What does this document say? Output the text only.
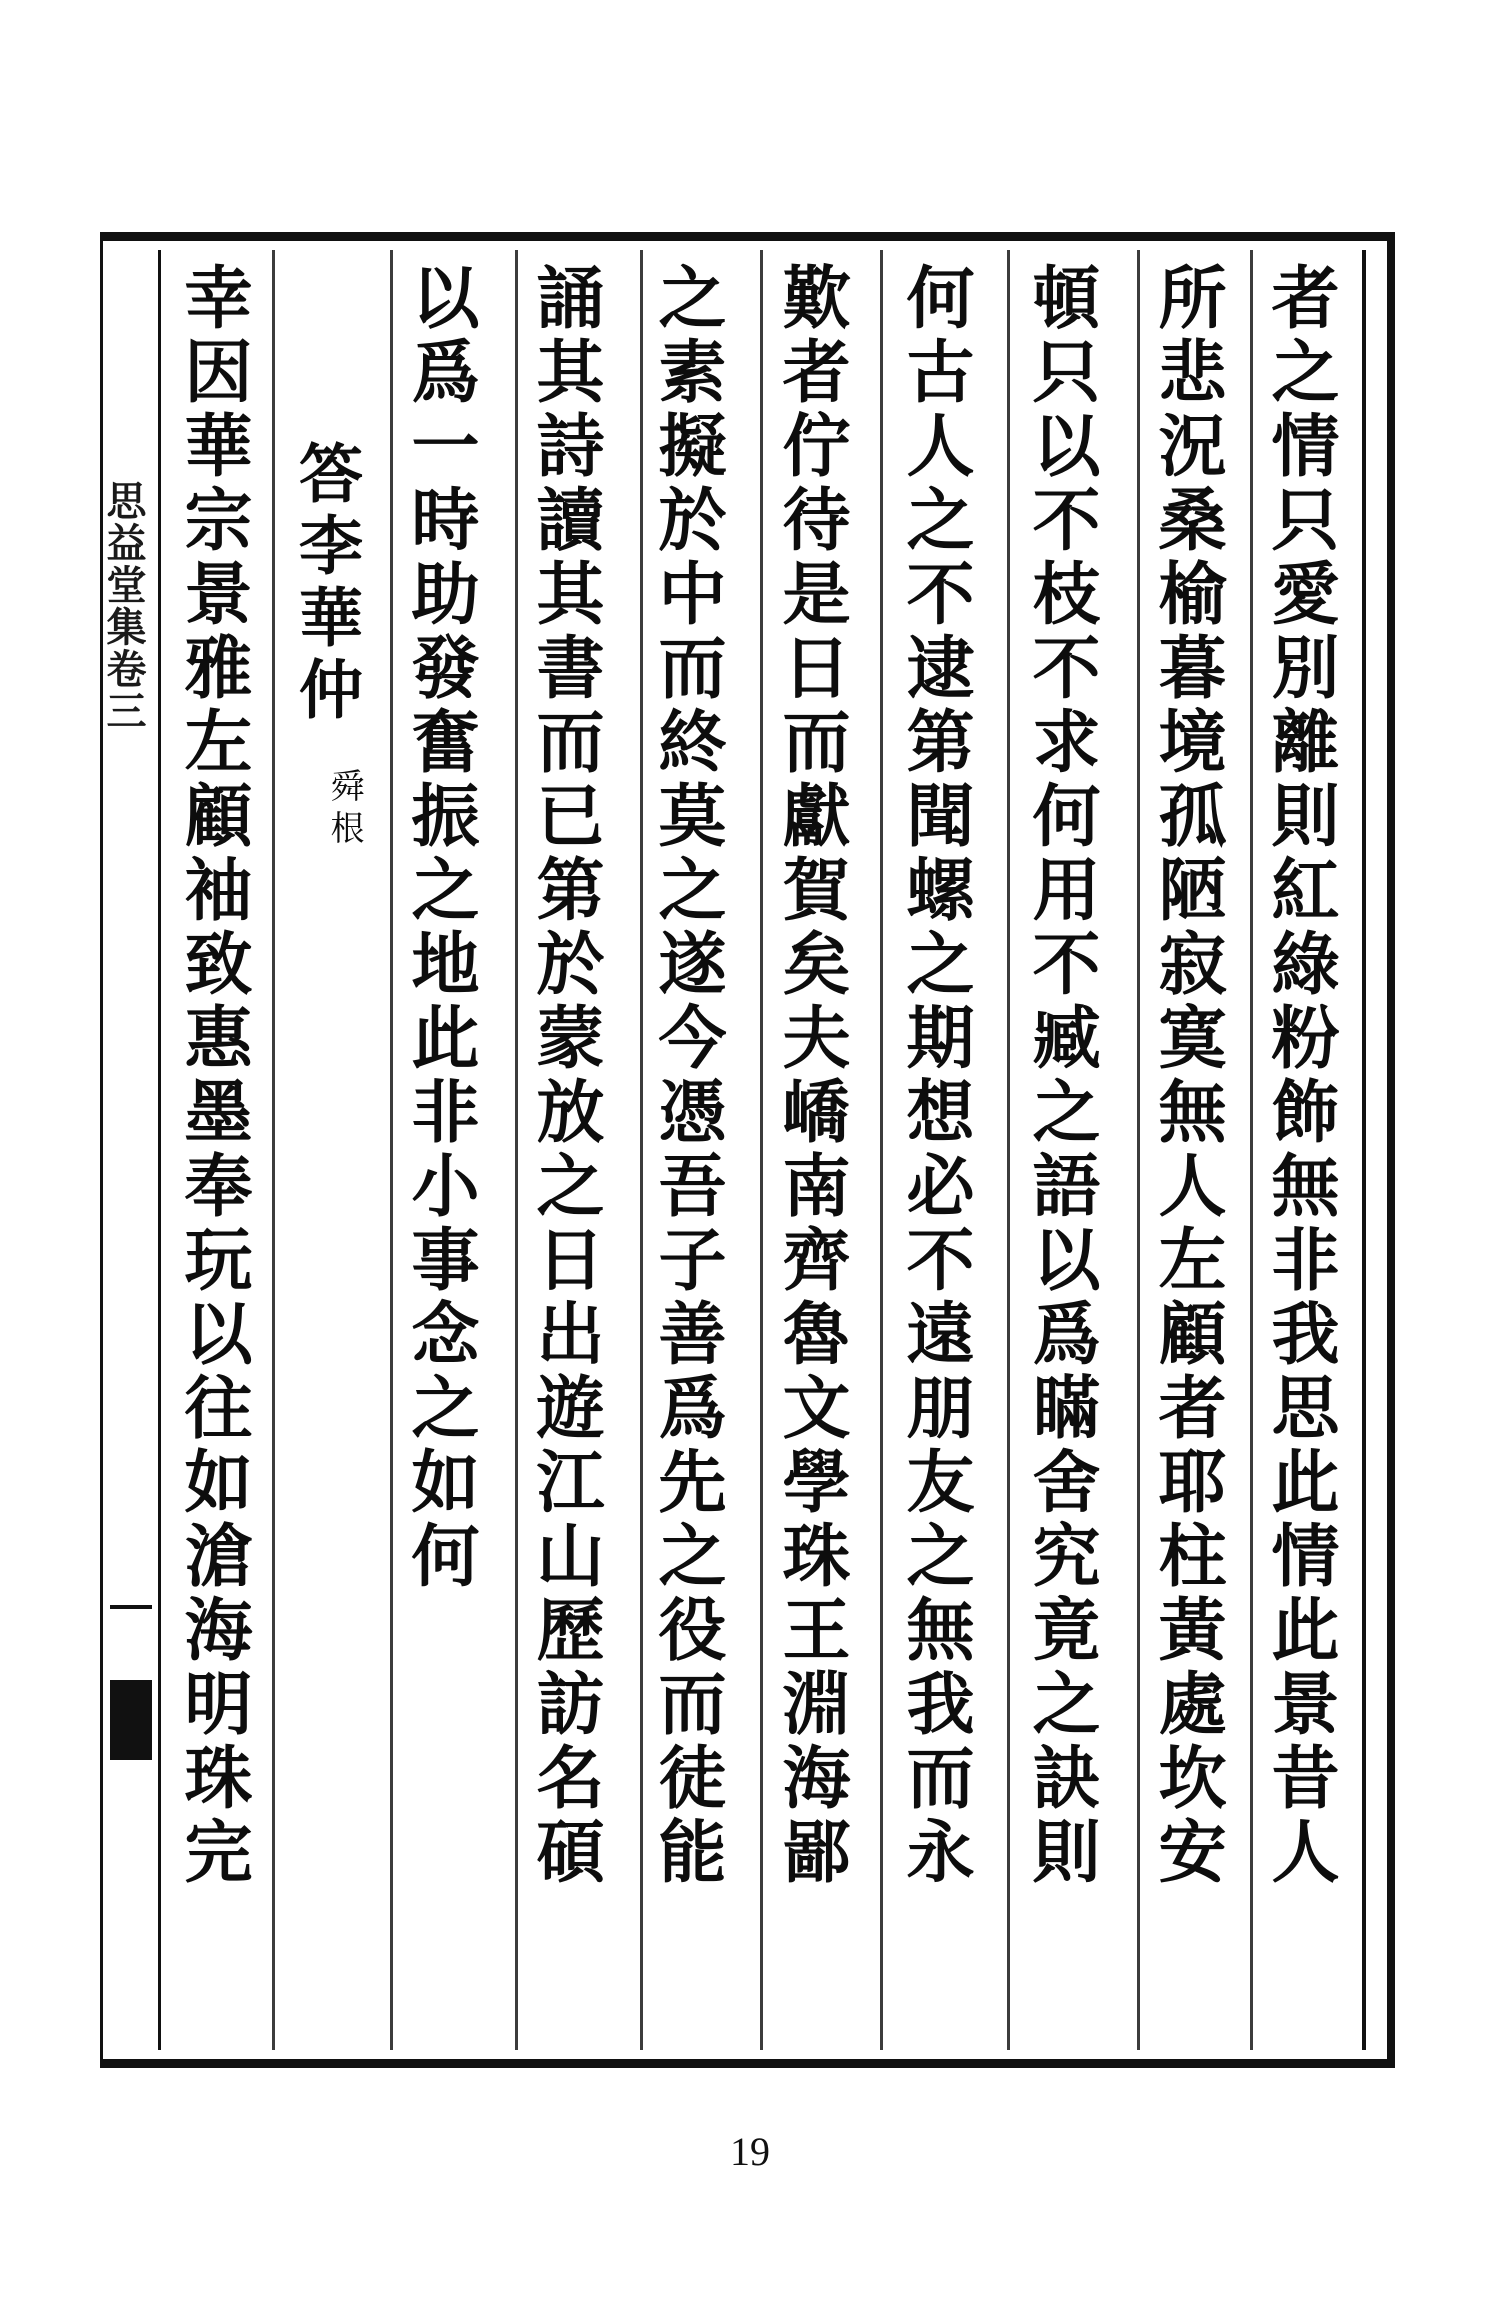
思益堂集卷三	者之情只愛別離則紅綠粉飾無非我思此情此景昔人
所悲況桑榆暮境孤陋寂寞無人左顧者耶柱黃處坎安
頓只以不枝不求何用不臧之語以爲瞞舍究竟之訣則
何古人之不逮第聞螺之期想必不遠朋友之無我而永
歎者佇待是日而獻賀矣夫嶠南齊魯文學珠王淵海鄙
之素擬於中而終莫之遂今憑吾子善爲先之役而徒能
誦其詩讀其書而已第於蒙放之日出遊江山歷訪名碩
以爲一時助發奮振之地此非小事念之如何
答李華仲
舜根
幸因華宗景雅左顧袖致惠墨奉玩以往如滄海明珠完
19
